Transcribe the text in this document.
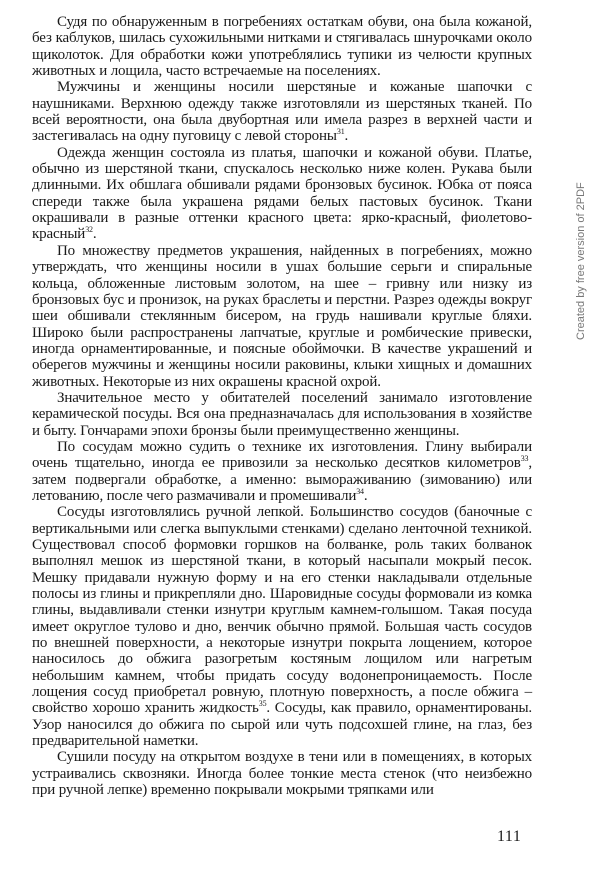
Судя по обнаруженным в погребениях остаткам обуви, она была кожаной, без каблуков, шилась сухожильными нитками и стягивалась шнурочками около щиколоток. Для обработки кожи употреблялись тупики из челюсти крупных животных и лощила, часто встречаемые на поселениях.

Мужчины и женщины носили шерстяные и кожаные шапочки с наушниками. Верхнюю одежду также изготовляли из шерстяных тканей. По всей вероятности, она была двубортная или имела разрез в верхней части и застегивалась на одну пуговицу с левой стороны$^{31}$.

Одежда женщин состояла из платья, шапочки и кожаной обуви. Платье, обычно из шерстяной ткани, спускалось несколько ниже колен. Рукава были длинными. Их обшлага обшивали рядами бронзовых бусинок. Юбка от пояса спереди также была украшена рядами белых пастовых бусинок. Ткани окрашивали в разные оттенки красного цвета: ярко-красный, фиолетово-красный$^{32}$.

По множеству предметов украшения, найденных в погребениях, можно утверждать, что женщины носили в ушах большие серьги и спиральные кольца, обложенные листовым золотом, на шее – гривну или низку из бронзовых бус и пронизок, на руках браслеты и перстни. Разрез одежды вокруг шеи обшивали стеклянным бисером, на грудь нашивали круглые бляхи. Широко были распространены лапчатые, круглые и ромбические привески, иногда орнаментированные, и поясные обоймочки. В качестве украшений и оберегов мужчины и женщины носили раковины, клыки хищных и домашних животных. Некоторые из них окрашены красной охрой.

Значительное место у обитателей поселений занимало изготовление керамической посуды. Вся она предназначалась для использования в хозяйстве и быту. Гончарами эпохи бронзы были преимущественно женщины.

По сосудам можно судить о технике их изготовления. Глину выбирали очень тщательно, иногда ее привозили за несколько десятков километров$^{33}$, затем подвергали обработке, а именно: вымораживанию (зимованию) или летованию, после чего размачивали и промешивали$^{34}$.

Сосуды изготовлялись ручной лепкой. Большинство сосудов (баночные с вертикальными или слегка выпуклыми стенками) сделано ленточной техникой. Существовал способ формовки горшков на болванке, роль таких болванок выполнял мешок из шерстяной ткани, в который насыпали мокрый песок. Мешку придавали нужную форму и на его стенки накладывали отдельные полосы из глины и прикрепляли дно. Шаровидные сосуды формовали из комка глины, выдавливали стенки изнутри круглым камнем-голышом. Такая посуда имеет округлое тулово и дно, венчик обычно прямой. Большая часть сосудов по внешней поверхности, а некоторые изнутри покрыта лощением, которое наносилось до обжига разогретым костяным лощилом или нагретым небольшим камнем, чтобы придать сосуду водонепроницаемость. После лощения сосуд приобретал ровную, плотную поверхность, а после обжига – свойство хорошо хранить жидкость$^{35}$. Сосуды, как правило, орнаментированы. Узор наносился до обжига по сырой или чуть подсохшей глине, на глаз, без предварительной наметки.

Сушили посуду на открытом воздухе в тени или в помещениях, в которых устраивались сквозняки. Иногда более тонкие места стенок (что неизбежно при ручной лепке) временно покрывали мокрыми тряпками или

Created by free version of 2PDF
111
